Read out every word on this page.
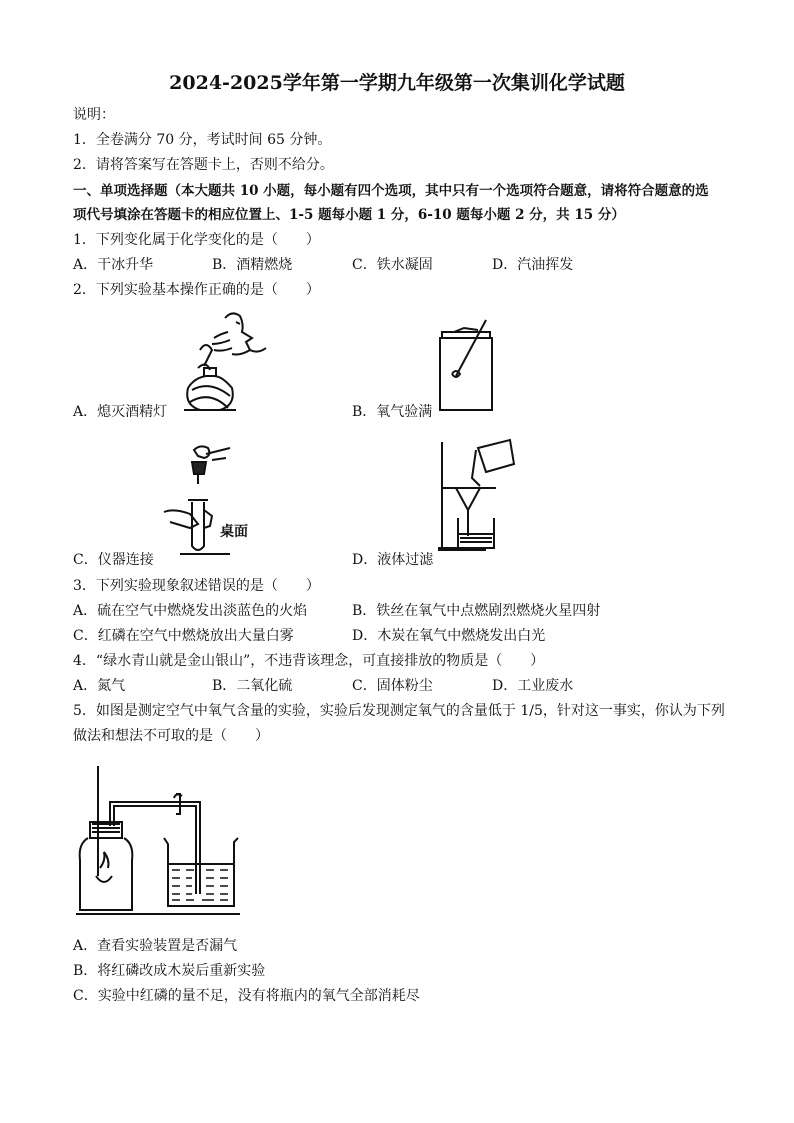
2024-2025学年第一学期九年级第一次集训化学试题
说明：
1．全卷满分 70 分，考试时间 65 分钟。
2．请将答案写在答题卡上，否则不给分。
一、单项选择题（本大题共 10 小题，每小题有四个选项，其中只有一个选项符合题意，请将符合题意的选
项代号填涂在答题卡的相应位置上、1-5 题每小题 1 分，6-10 题每小题 2 分，共 15 分）
1．下列变化属于化学变化的是（　　）
A．干冰升华	B．酒精燃烧	C．铁水凝固	D．汽油挥发
2．下列实验基本操作正确的是（　　）
A．熄灭酒精灯	B．氧气验满
桌面
C．仪器连接	D．液体过滤
3．下列实验现象叙述错误的是（　　）
A．硫在空气中燃烧发出淡蓝色的火焰	B．铁丝在氧气中点燃剧烈燃烧火星四射
C．红磷在空气中燃烧放出大量白雾	D．木炭在氧气中燃烧发出白光
4．“绿水青山就是金山银山”，不违背该理念，可直接排放的物质是（　　）
A．氮气	B．二氧化硫	C．固体粉尘	D．工业废水
5．如图是测定空气中氧气含量的实验，实验后发现测定氧气的含量低于 1/5，针对这一事实，你认为下列
做法和想法不可取的是（　　）
A．查看实验装置是否漏气
B．将红磷改成木炭后重新实验
C．实验中红磷的量不足，没有将瓶内的氧气全部消耗尽
